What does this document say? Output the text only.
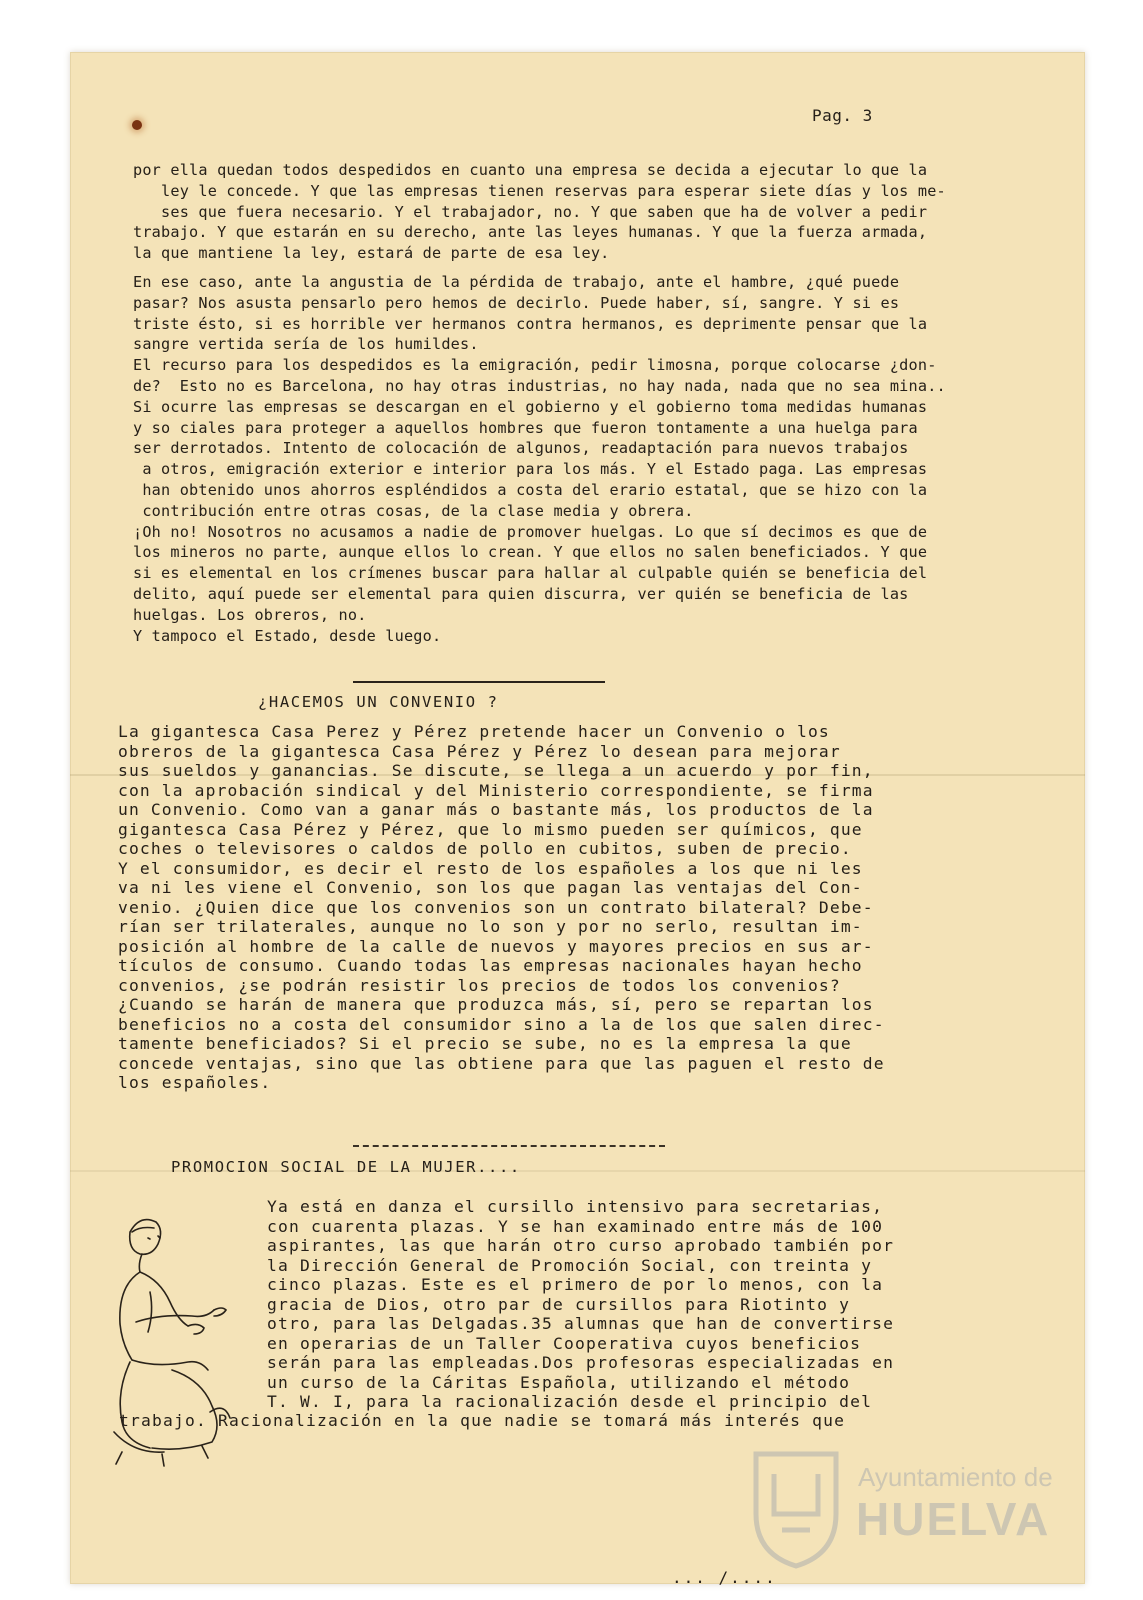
Pag. 3
por ella quedan todos despedidos en cuanto una empresa se decida a ejecutar lo que la
ley le concede. Y que las empresas tienen reservas para esperar siete días y los me-
ses que fuera necesario. Y el trabajador, no. Y que saben que ha de volver a pedir
trabajo. Y que estarán en su derecho, ante las leyes humanas. Y que la fuerza armada,
la que mantiene la ley, estará de parte de esa ley.
En ese caso, ante la angustia de la pérdida de trabajo, ante el hambre, ¿qué puede
pasar? Nos asusta pensarlo pero hemos de decirlo. Puede haber, sí, sangre. Y si es
triste ésto, si es horrible ver hermanos contra hermanos, es deprimente pensar que la
sangre vertida sería de los humildes.
El recurso para los despedidos es la emigración, pedir limosna, porque colocarse ¿don-
de?  Esto no es Barcelona, no hay otras industrias, no hay nada, nada que no sea mina..
Si ocurre las empresas se descargan en el gobierno y el gobierno toma medidas humanas
y so ciales para proteger a aquellos hombres que fueron tontamente a una huelga para
ser derrotados. Intento de colocación de algunos, readaptación para nuevos trabajos
a otros, emigración exterior e interior para los más. Y el Estado paga. Las empresas
han obtenido unos ahorros espléndidos a costa del erario estatal, que se hizo con la
contribución entre otras cosas, de la clase media y obrera.
¡Oh no! Nosotros no acusamos a nadie de promover huelgas. Lo que sí decimos es que de
los mineros no parte, aunque ellos lo crean. Y que ellos no salen beneficiados. Y que
si es elemental en los crímenes buscar para hallar al culpable quién se beneficia del
delito, aquí puede ser elemental para quien discurra, ver quién se beneficia de las
huelgas. Los obreros, no.
Y tampoco el Estado, desde luego.
¿HACEMOS UN CONVENIO ?
La gigantesca Casa Perez y Pérez pretende hacer un Convenio o los
obreros de la gigantesca Casa Pérez y Pérez lo desean para mejorar
sus sueldos y ganancias. Se discute, se llega a un acuerdo y por fin,
con la aprobación sindical y del Ministerio correspondiente, se firma
un Convenio. Como van a ganar más o bastante más, los productos de la
gigantesca Casa Pérez y Pérez, que lo mismo pueden ser químicos, que
coches o televisores o caldos de pollo en cubitos, suben de precio.
Y el consumidor, es decir el resto de los españoles a los que ni les
va ni les viene el Convenio, son los que pagan las ventajas del Con-
venio. ¿Quien dice que los convenios son un contrato bilateral? Debe-
rían ser trilaterales, aunque no lo son y por no serlo, resultan im-
posición al hombre de la calle de nuevos y mayores precios en sus ar-
tículos de consumo. Cuando todas las empresas nacionales hayan hecho
convenios, ¿se podrán resistir los precios de todos los convenios?
¿Cuando se harán de manera que produzca más, sí, pero se repartan los
beneficios no a costa del consumidor sino a la de los que salen direc-
tamente beneficiados? Si el precio se sube, no es la empresa la que
concede ventajas, sino que las obtiene para que las paguen el resto de
los españoles.
PROMOCION SOCIAL DE LA MUJER....
Ya está en danza el cursillo intensivo para secretarias,
con cuarenta plazas. Y se han examinado entre más de 100
aspirantes, las que harán otro curso aprobado también por
la Dirección General de Promoción Social, con treinta y
cinco plazas. Este es el primero de por lo menos, con la
gracia de Dios, otro par de cursillos para Riotinto y
otro, para las Delgadas.35 alumnas que han de convertirse
en operarias de un Taller Cooperativa cuyos beneficios
serán para las empleadas.Dos profesoras especializadas en
un curso de la Cáritas Española, utilizando el método
T. W. I, para la racionalización desde el principio del
trabajo. Racionalización en la que nadie se tomará más interés que
... /....
Ayuntamiento de
HUELVA
